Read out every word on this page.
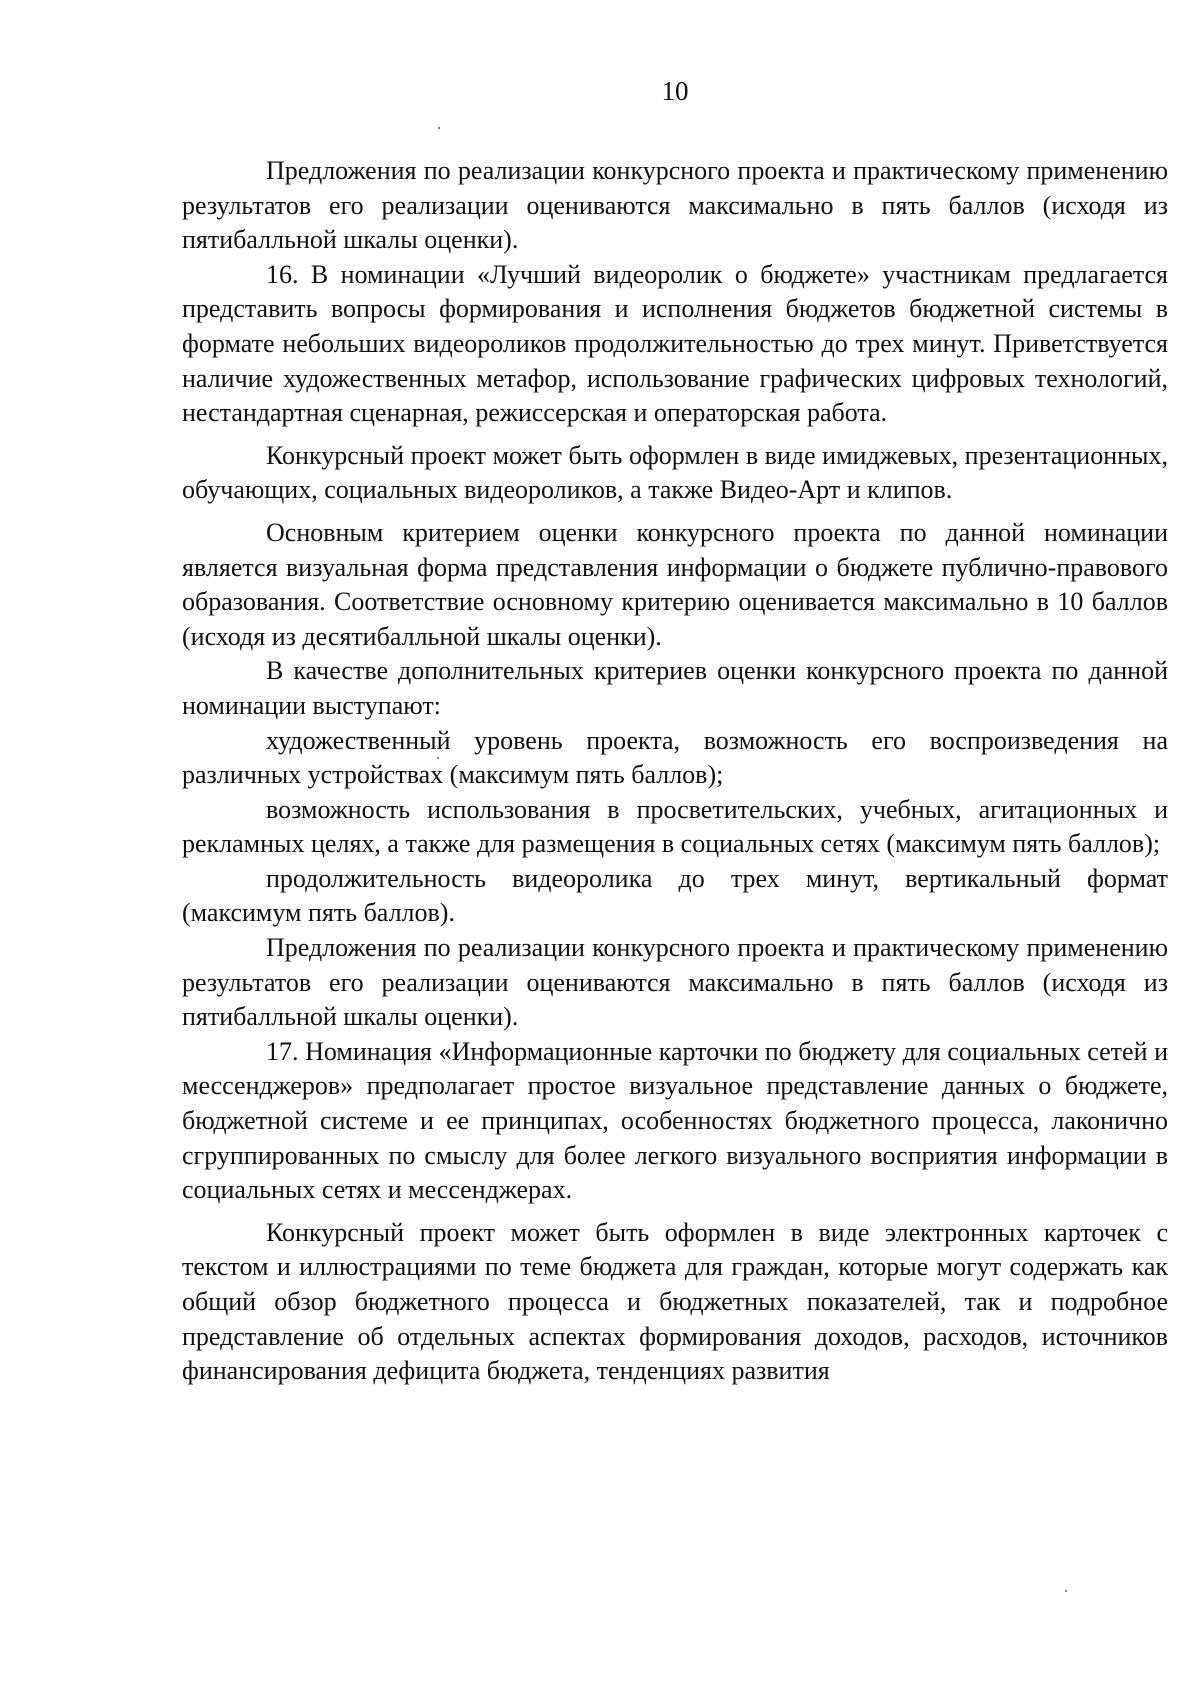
10

Предложения по реализации конкурсного проекта и практическому применению результатов его реализации оцениваются максимально в пять баллов (исходя из пятибалльной шкалы оценки).

16. В номинации «Лучший видеоролик о бюджете» участникам предлагается представить вопросы формирования и исполнения бюджетов бюджетной системы в формате небольших видеороликов продолжительностью до трех минут. Приветствуется наличие художественных метафор, использование графических цифровых технологий, нестандартная сценарная, режиссерская и операторская работа.

Конкурсный проект может быть оформлен в виде имиджевых, презентационных, обучающих, социальных видеороликов, а также Видео-Арт и клипов.

Основным критерием оценки конкурсного проекта по данной номинации является визуальная форма представления информации о бюджете публично-правового образования. Соответствие основному критерию оценивается максимально в 10 баллов (исходя из десятибалльной шкалы оценки).

В качестве дополнительных критериев оценки конкурсного проекта по данной номинации выступают:

художественный уровень проекта, возможность его воспроизведения на различных устройствах (максимум пять баллов);

возможность использования в просветительских, учебных, агитационных и рекламных целях, а также для размещения в социальных сетях (максимум пять баллов);

продолжительность видеоролика до трех минут, вертикальный формат (максимум пять баллов).

Предложения по реализации конкурсного проекта и практическому применению результатов его реализации оцениваются максимально в пять баллов (исходя из пятибалльной шкалы оценки).

17. Номинация «Информационные карточки по бюджету для социальных сетей и мессенджеров» предполагает простое визуальное представление данных о бюджете, бюджетной системе и ее принципах, особенностях бюджетного процесса, лаконично сгруппированных по смыслу для более легкого визуального восприятия информации в социальных сетях и мессенджерах.

Конкурсный проект может быть оформлен в виде электронных карточек с текстом и иллюстрациями по теме бюджета для граждан, которые могут содержать как общий обзор бюджетного процесса и бюджетных показателей, так и подробное представление об отдельных аспектах формирования доходов, расходов, источников финансирования дефицита бюджета, тенденциях развития
